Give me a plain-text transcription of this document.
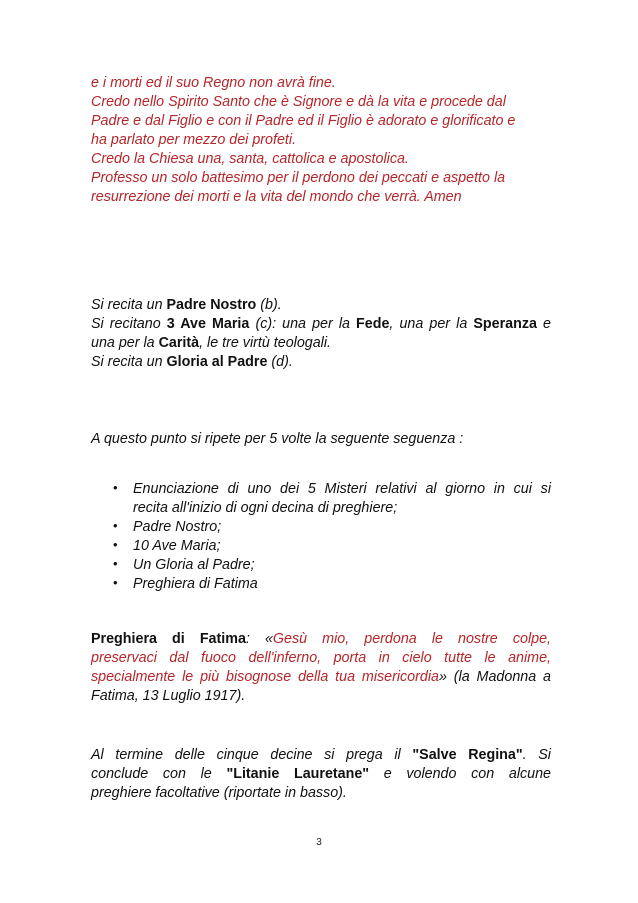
e i morti ed il suo Regno non avrà fine.
Credo nello Spirito Santo che è Signore e dà la vita e procede dal
Padre e dal Figlio e con il Padre ed il Figlio è adorato e glorificato e
ha parlato per mezzo dei profeti.
Credo la Chiesa una, santa, cattolica e apostolica.
Professo un solo battesimo per il perdono dei peccati e aspetto la
resurrezione dei morti e la vita del mondo che verrà. Amen
Si recita un Padre Nostro (b).
Si recitano 3 Ave Maria (c): una per la Fede, una per la Speranza e
una per la Carità, le tre virtù teologali.
Si recita un Gloria al Padre (d).
A questo punto si ripete per 5 volte la seguente seguenza :
• Enunciazione di uno dei 5 Misteri relativi al giorno in cui si
recita all'inizio di ogni decina di preghiere;
• Padre Nostro;
• 10 Ave Maria;
• Un Gloria al Padre;
• Preghiera di Fatima
Preghiera di Fatima: «Gesù mio, perdona le nostre colpe,
preservaci dal fuoco dell'inferno, porta in cielo tutte le anime,
specialmente le più bisognose della tua misericordia» (la Madonna a
Fatima, 13 Luglio 1917).
Al termine delle cinque decine si prega il "Salve Regina". Si
conclude con le "Litanie Lauretane" e volendo con alcune
preghiere facoltative (riportate in basso).
3
